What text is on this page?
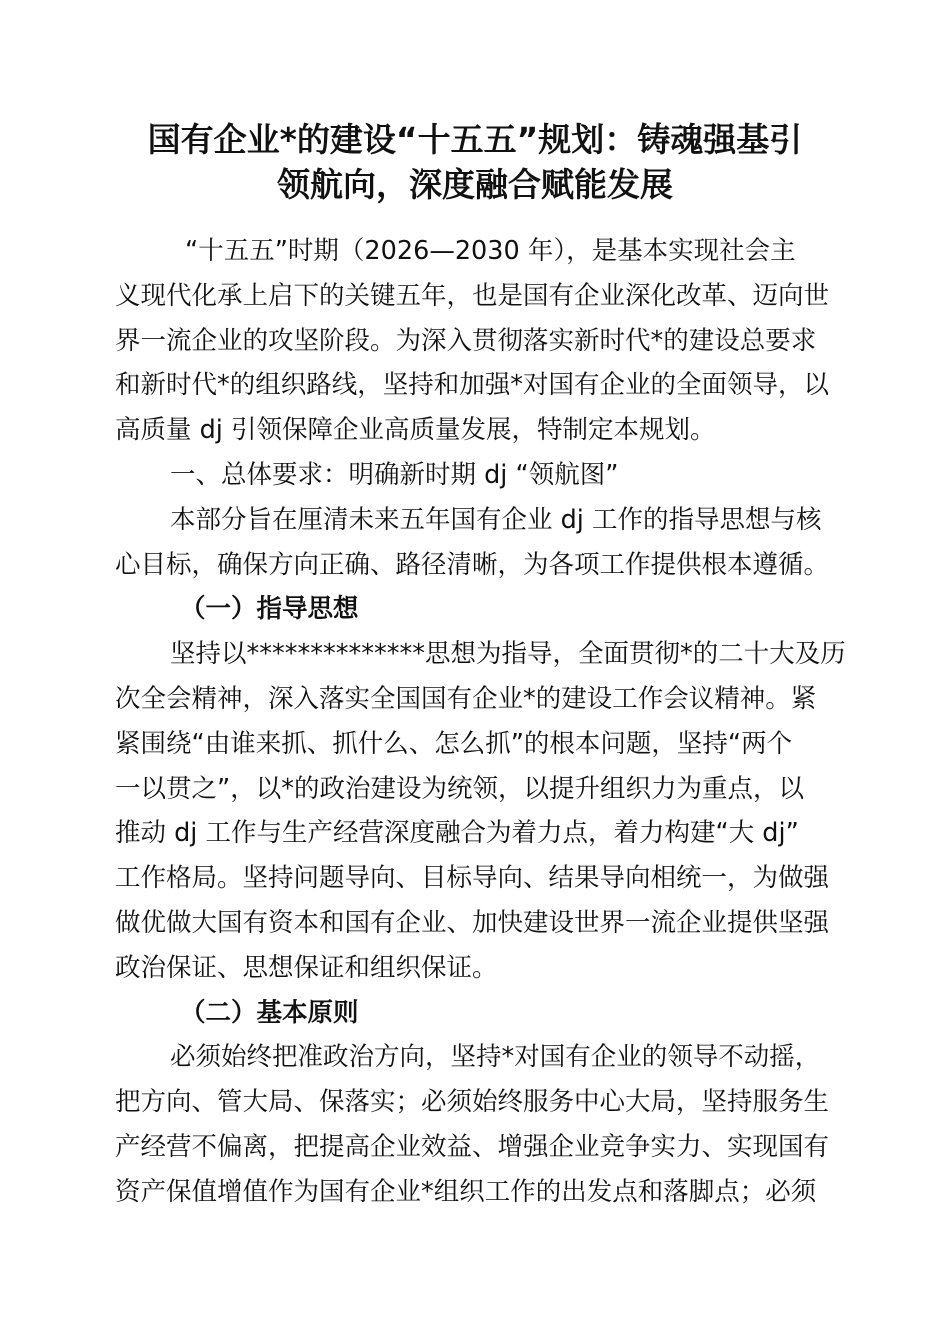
国有企业*的建设“十五五”规划：铸魂强基引
领航向，深度融合赋能发展
“十五五”时期（2026—2030 年），是基本实现社会主
义现代化承上启下的关键五年，也是国有企业深化改革、迈向世
界一流企业的攻坚阶段。为深入贯彻落实新时代*的建设总要求
和新时代*的组织路线，坚持和加强*对国有企业的全面领导，以
高质量 dj 引领保障企业高质量发展，特制定本规划。
一、总体要求：明确新时期 dj “领航图”
本部分旨在厘清未来五年国有企业 dj 工作的指导思想与核
心目标，确保方向正确、路径清晰，为各项工作提供根本遵循。
（一）指导思想
坚持以**************思想为指导，全面贯彻*的二十大及历
次全会精神，深入落实全国国有企业*的建设工作会议精神。紧
紧围绕“由谁来抓、抓什么、怎么抓”的根本问题，坚持“两个
一以贯之”，以*的政治建设为统领，以提升组织力为重点，以
推动 dj 工作与生产经营深度融合为着力点，着力构建“大 dj”
工作格局。坚持问题导向、目标导向、结果导向相统一，为做强
做优做大国有资本和国有企业、加快建设世界一流企业提供坚强
政治保证、思想保证和组织保证。
（二）基本原则
必须始终把准政治方向，坚持*对国有企业的领导不动摇，
把方向、管大局、保落实；必须始终服务中心大局，坚持服务生
产经营不偏离，把提高企业效益、增强企业竞争实力、实现国有
资产保值增值作为国有企业*组织工作的出发点和落脚点；必须
